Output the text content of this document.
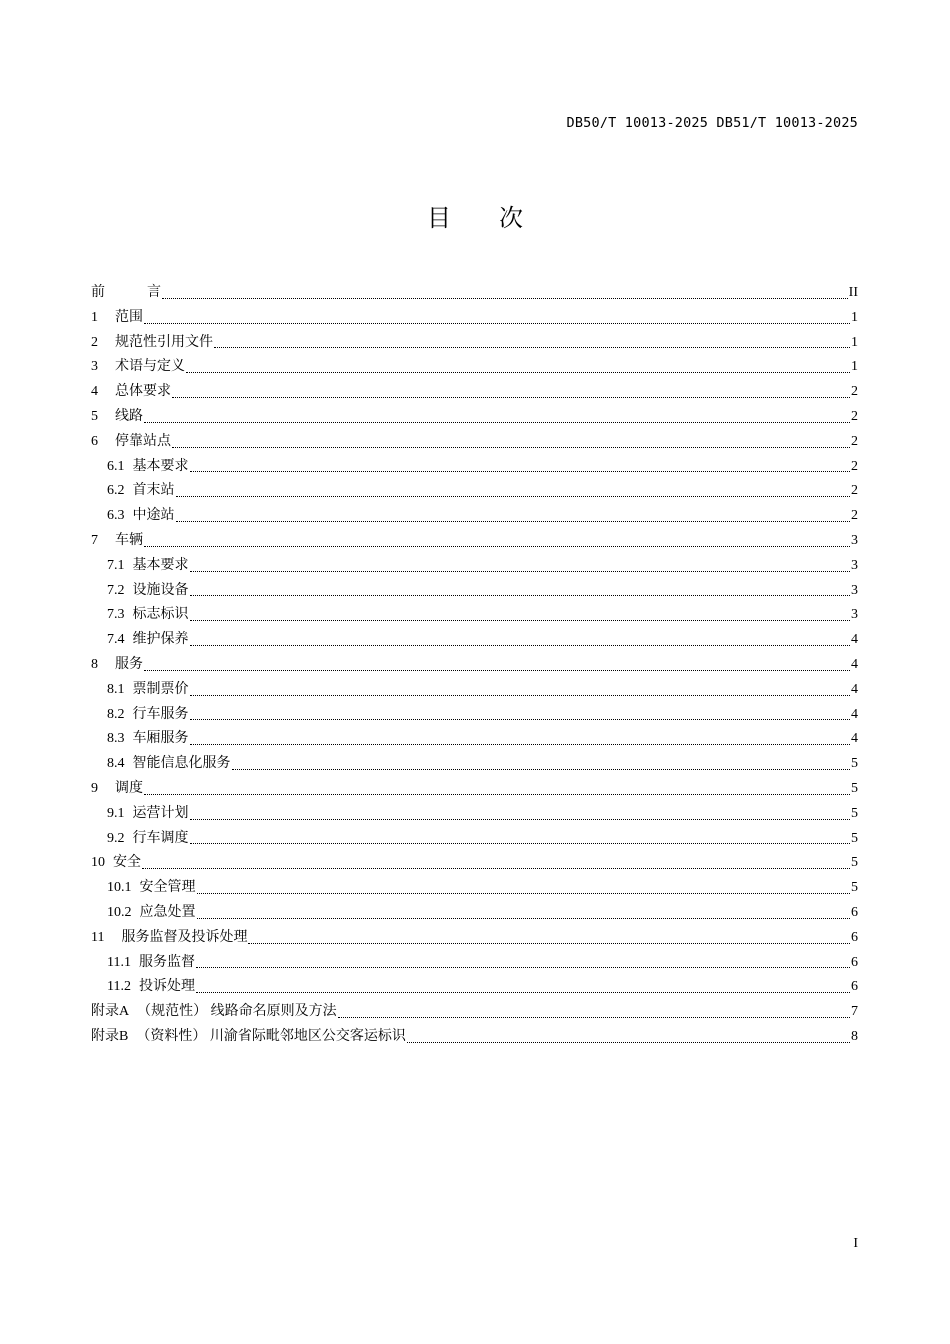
DB50/T 10013-2025 DB51/T 10013-2025
目次
前	言	II
1 范围	1
2 规范性引用文件	1
3 术语与定义	1
4 总体要求	2
5 线路	2
6 停靠站点	2
6.1 基本要求	2
6.2 首末站	2
6.3 中途站	2
7 车辆	3
7.1 基本要求	3
7.2 设施设备	3
7.3 标志标识	3
7.4 维护保养	4
8 服务	4
8.1 票制票价	4
8.2 行车服务	4
8.3 车厢服务	4
8.4 智能信息化服务	5
9 调度	5
9.1 运营计划	5
9.2 行车调度	5
10 安全	5
10.1 安全管理	5
10.2 应急处置	6
11 服务监督及投诉处理	6
11.1 服务监督	6
11.2 投诉处理	6
附录A （规范性） 线路命名原则及方法	7
附录B （资料性） 川渝省际毗邻地区公交客运标识	8
I
